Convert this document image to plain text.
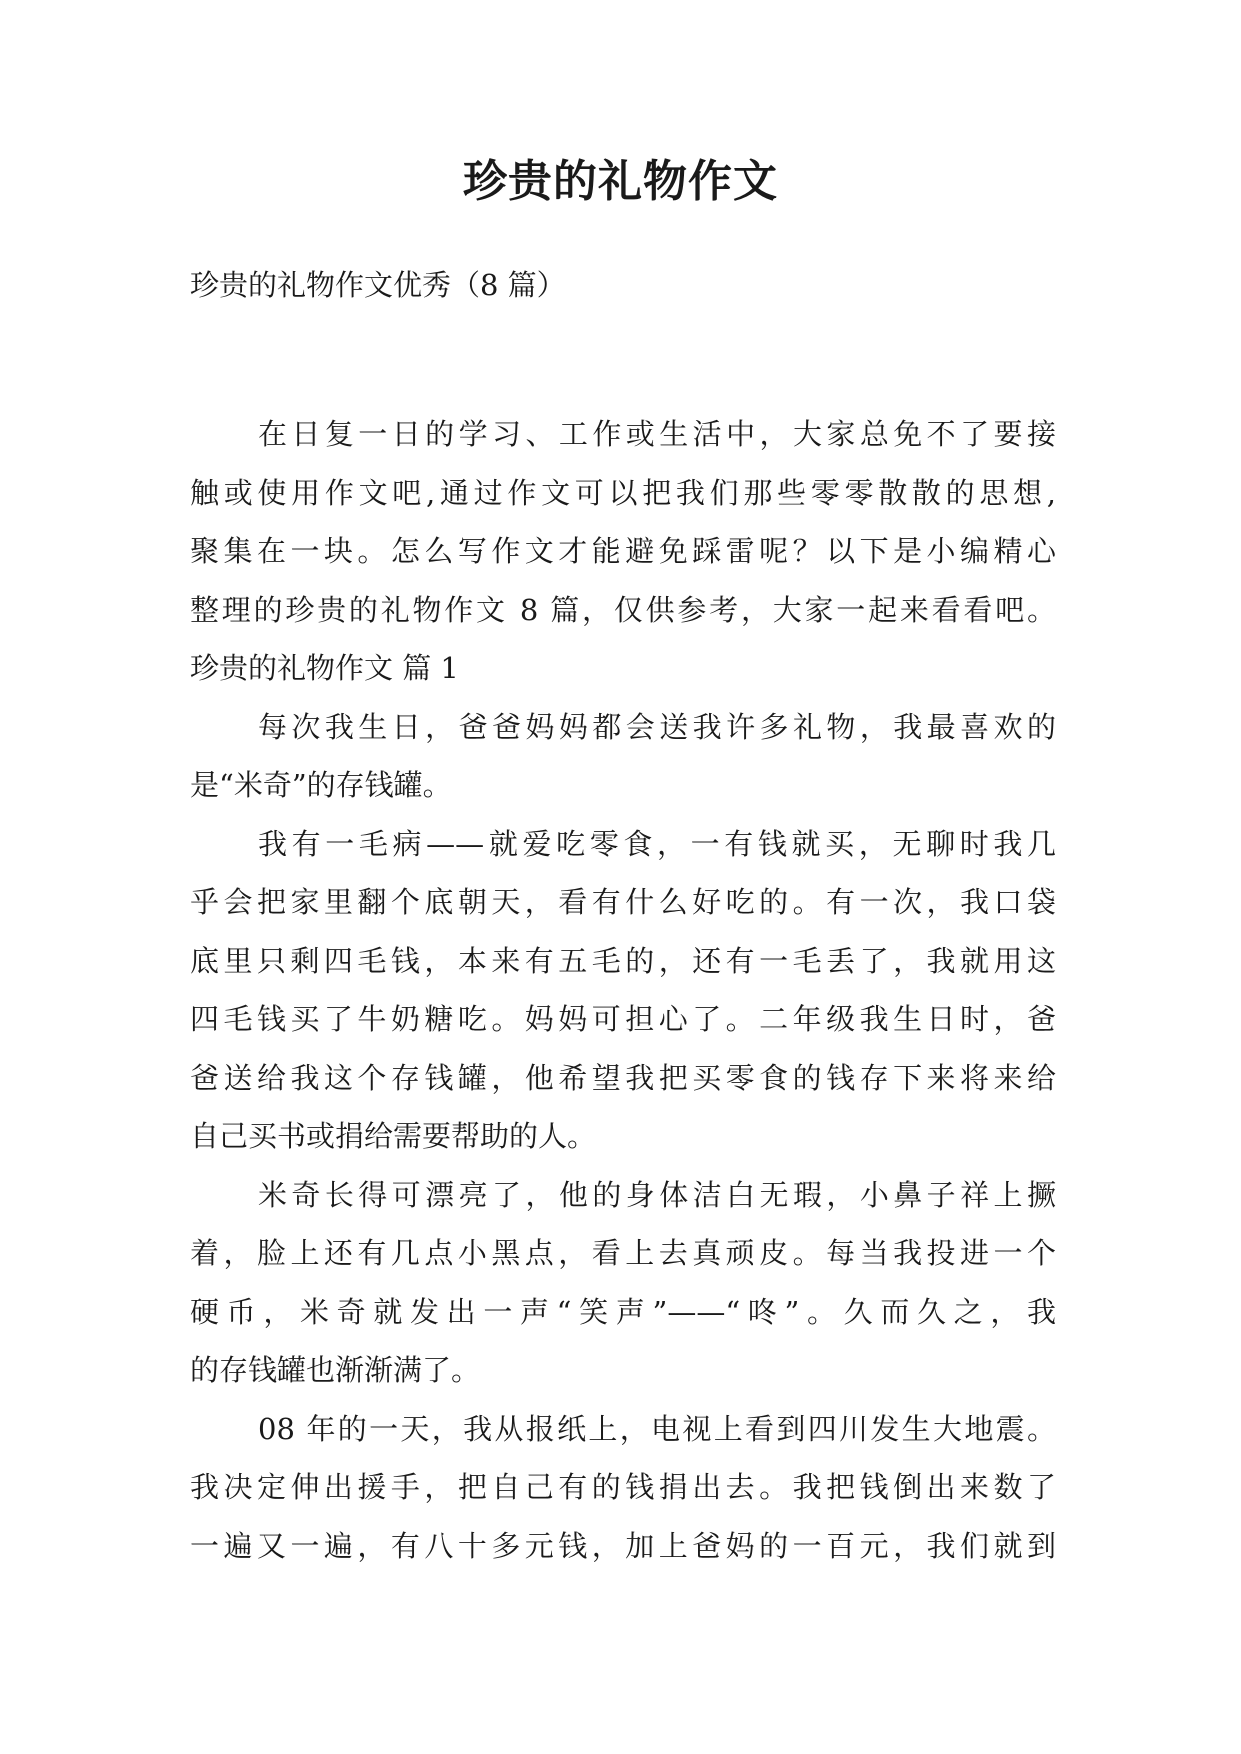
珍贵的礼物作文
珍贵的礼物作文优秀（8 篇）
在日复一日的学习、工作或生活中，大家总免不了要接
触或使用作文吧,通过作文可以把我们那些零零散散的思想,
聚集在一块。怎么写作文才能避免踩雷呢？以下是小编精心
整理的珍贵的礼物作文 8 篇，仅供参考，大家一起来看看吧。
珍贵的礼物作文 篇 1
每次我生日，爸爸妈妈都会送我许多礼物，我最喜欢的
是“米奇”的存钱罐。
我有一毛病——就爱吃零食，一有钱就买，无聊时我几
乎会把家里翻个底朝天，看有什么好吃的。有一次，我口袋
底里只剩四毛钱，本来有五毛的，还有一毛丢了，我就用这
四毛钱买了牛奶糖吃。妈妈可担心了。二年级我生日时，爸
爸送给我这个存钱罐，他希望我把买零食的钱存下来将来给
自己买书或捐给需要帮助的人。
米奇长得可漂亮了，他的身体洁白无瑕，小鼻子祥上撅
着，脸上还有几点小黑点，看上去真顽皮。每当我投进一个
硬币，米奇就发出一声“笑声”——“咚”。久而久之，我
的存钱罐也渐渐满了。
08 年的一天，我从报纸上，电视上看到四川发生大地震。
我决定伸出援手，把自己有的钱捐出去。我把钱倒出来数了
一遍又一遍，有八十多元钱，加上爸妈的一百元，我们就到
